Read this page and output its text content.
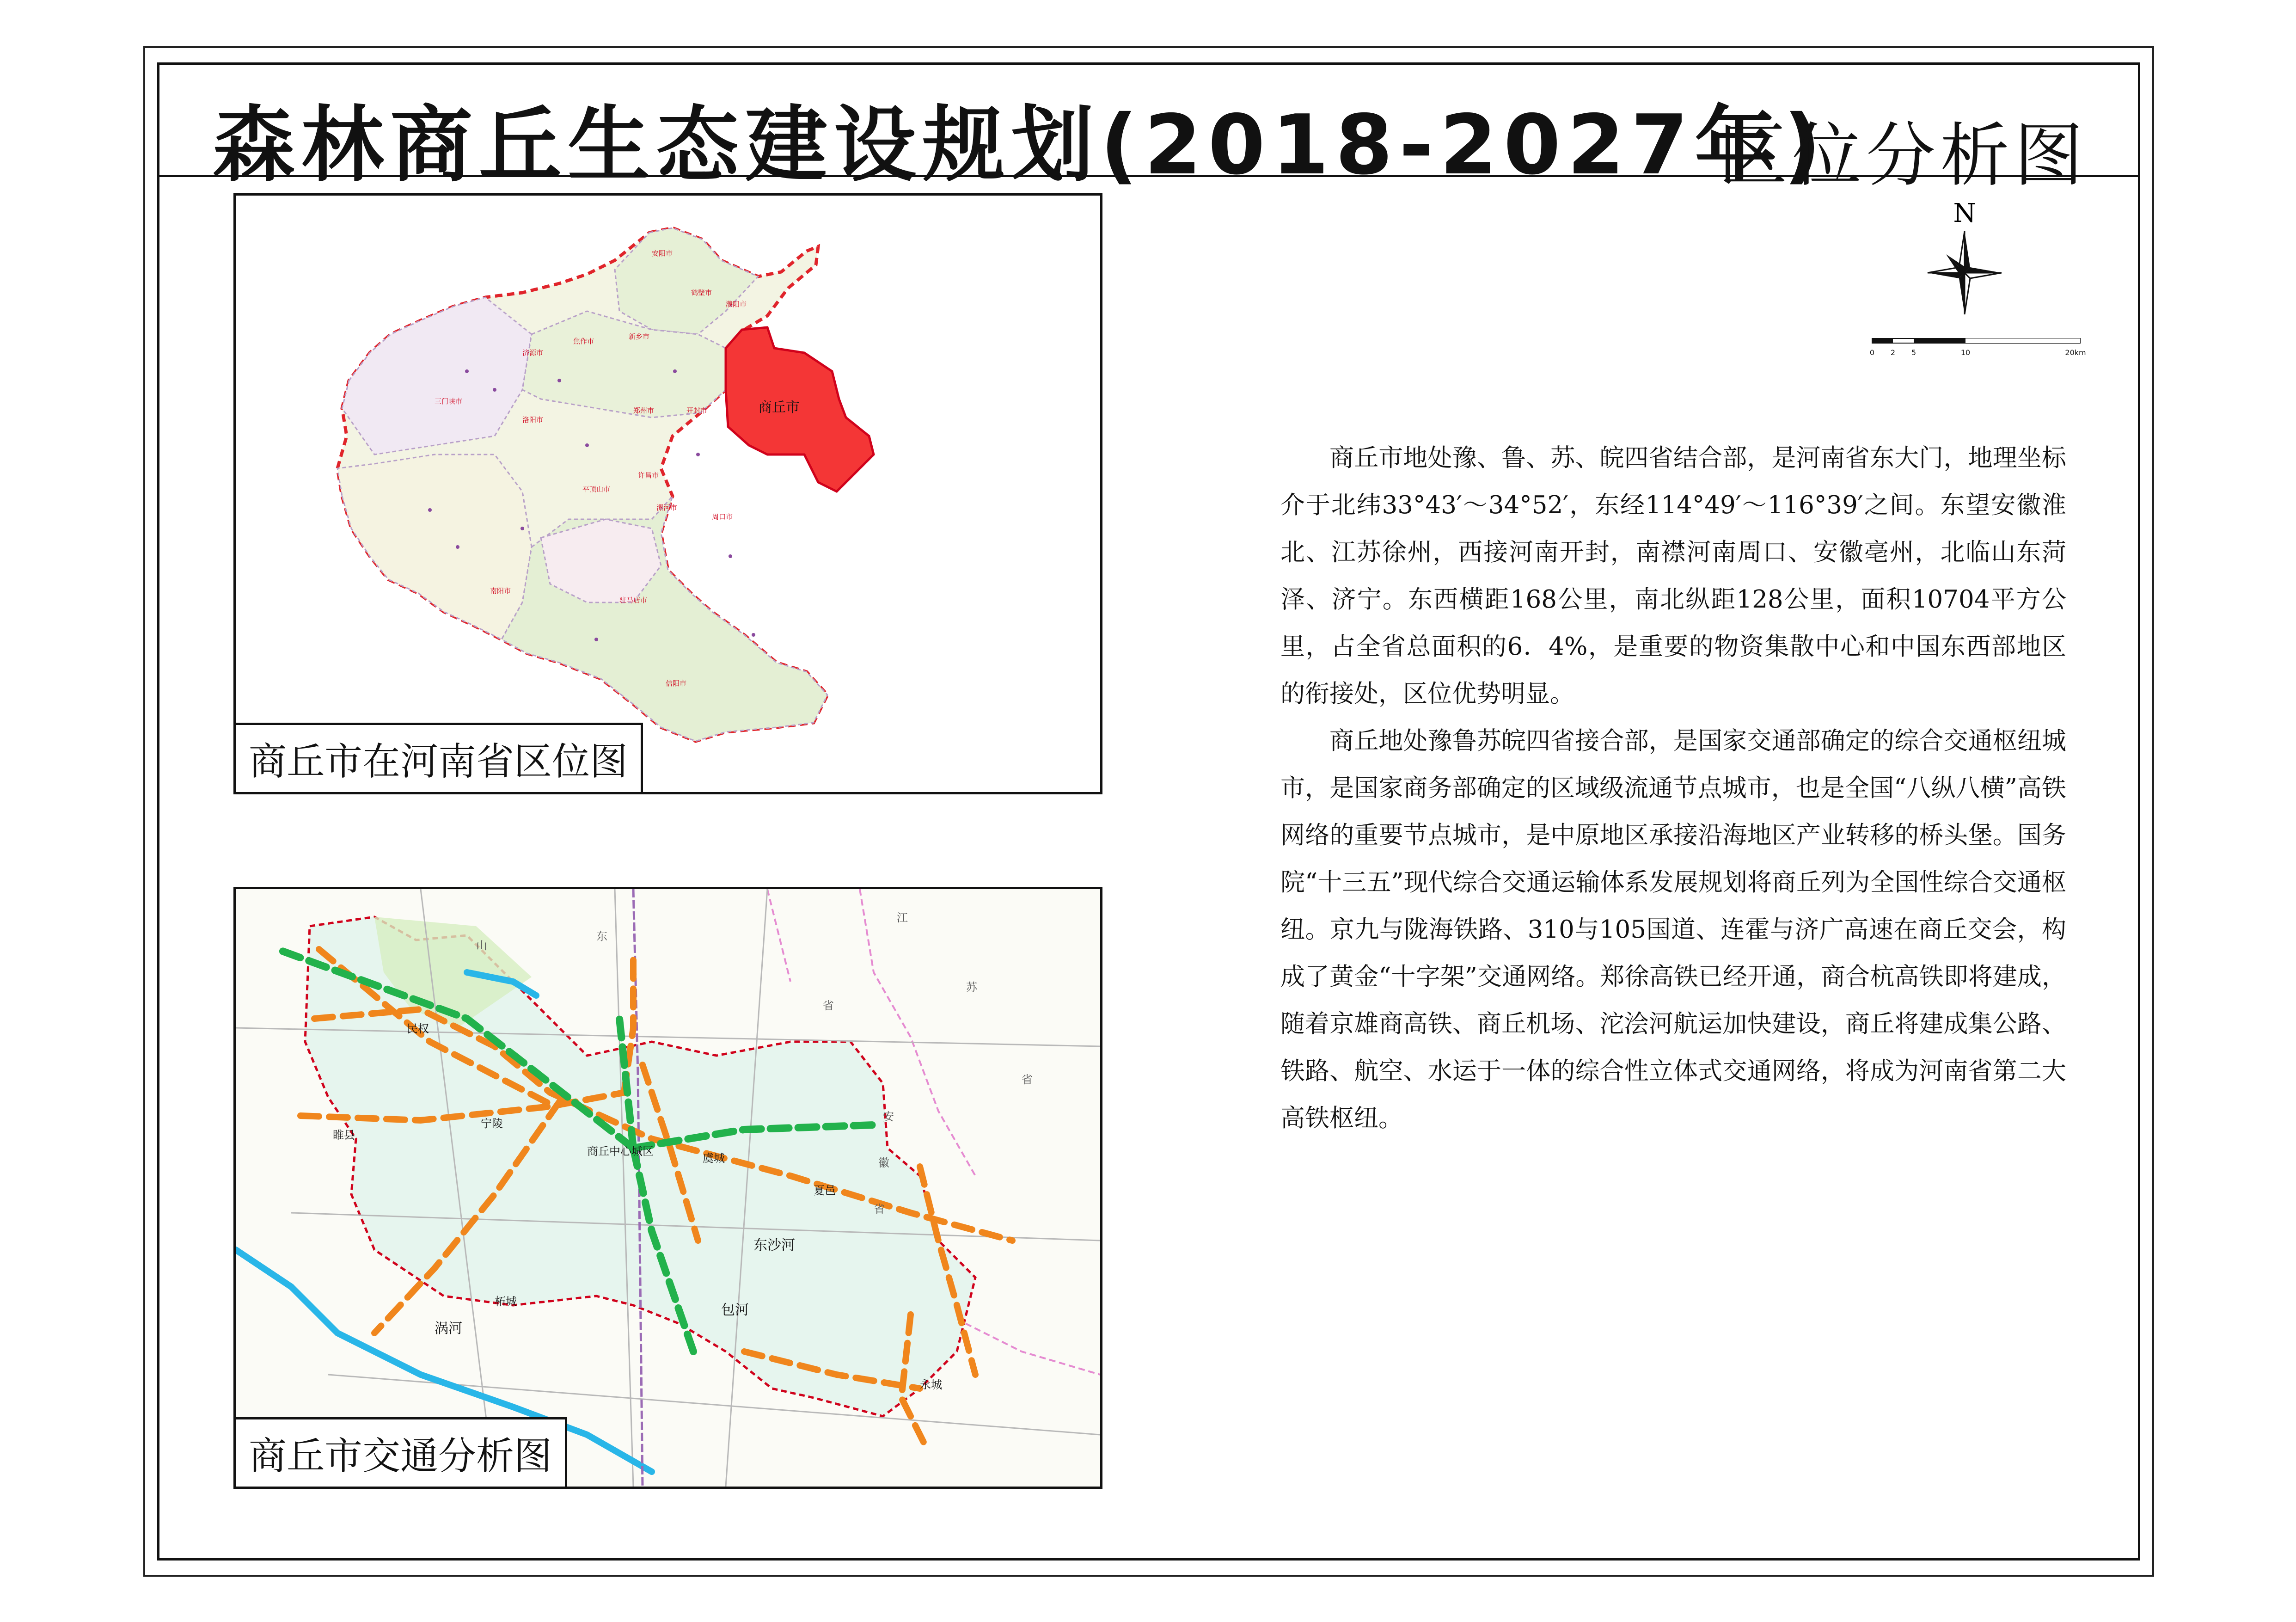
森林商丘生态建设规划(2018-2027年)
区位分析图
商丘市
安阳市
鹤壁市
濮阳市
新乡市
焦作市
济源市
郑州市	开封市
洛阳市
三门峡市
平顶山市
许昌市
漯河市
周口市
南阳市
驻马店市
信阳市
商丘市在河南省区位图
民权
宁陵
睢县
商丘中心城区
虞城
夏邑
柘城
永城
东沙河
包河
涡河
江
苏
省
安
徽
省
山
东
省
商丘市交通分析图
N
0 2 5	10	20km

商丘市地处豫、鲁、苏、皖四省结合部，是河南省东大门，地理坐标介于北纬33°43′～34°52′，东经114°49′～116°39′之间。东望安徽淮北、江苏徐州，西接河南开封，南襟河南周口、安徽亳州，北临山东菏泽、济宁。东西横距168公里，南北纵距128公里，面积10704平方公里，占全省总面积的6．4%，是重要的物资集散中心和中国东西部地区的衔接处，区位优势明显。

商丘地处豫鲁苏皖四省接合部，是国家交通部确定的综合交通枢纽城市，是国家商务部确定的区域级流通节点城市，也是全国“八纵八横”高铁网络的重要节点城市，是中原地区承接沿海地区产业转移的桥头堡。国务院“十三五”现代综合交通运输体系发展规划将商丘列为全国性综合交通枢纽。京九与陇海铁路、310与105国道、连霍与济广高速在商丘交会，构成了黄金“十字架”交通网络。郑徐高铁已经开通，商合杭高铁即将建成，随着京雄商高铁、商丘机场、沱浍河航运加快建设，商丘将建成集公路、铁路、航空、水运于一体的综合性立体式交通网络，将成为河南省第二大高铁枢纽。
